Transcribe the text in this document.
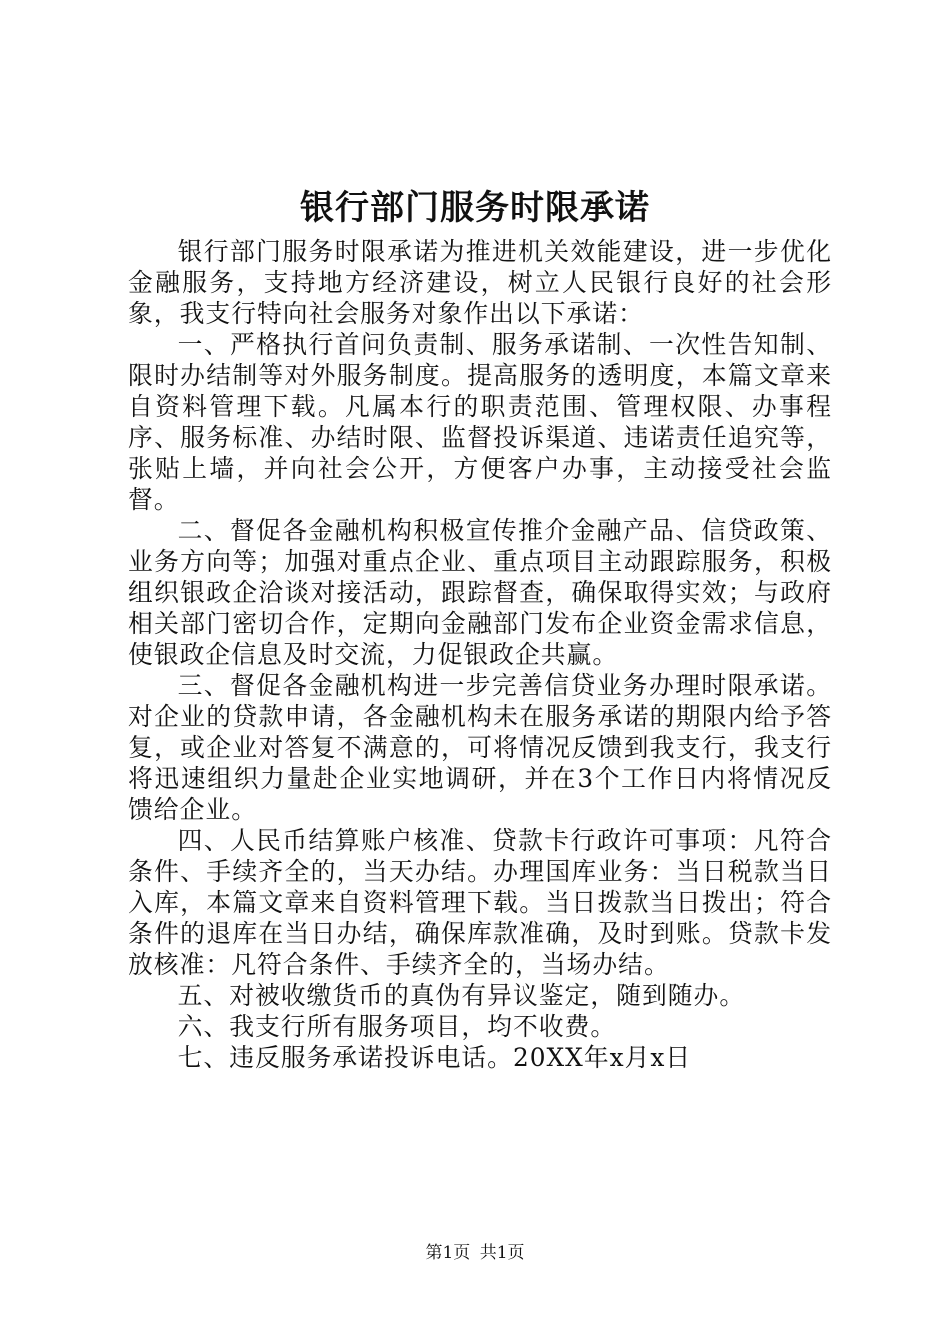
银行部门服务时限承诺

银行部门服务时限承诺为推进机关效能建设，进一步优化金融服务，支持地方经济建设，树立人民银行良好的社会形象，我支行特向社会服务对象作出以下承诺：

一、严格执行首问负责制、服务承诺制、一次性告知制、限时办结制等对外服务制度。提高服务的透明度，本篇文章来自资料管理下载。凡属本行的职责范围、管理权限、办事程序、服务标准、办结时限、监督投诉渠道、违诺责任追究等，张贴上墙，并向社会公开，方便客户办事，主动接受社会监督。

二、督促各金融机构积极宣传推介金融产品、信贷政策、业务方向等；加强对重点企业、重点项目主动跟踪服务，积极组织银政企洽谈对接活动，跟踪督查，确保取得实效；与政府相关部门密切合作，定期向金融部门发布企业资金需求信息，使银政企信息及时交流，力促银政企共赢。

三、督促各金融机构进一步完善信贷业务办理时限承诺。对企业的贷款申请，各金融机构未在服务承诺的期限内给予答复，或企业对答复不满意的，可将情况反馈到我支行，我支行将迅速组织力量赴企业实地调研，并在3个工作日内将情况反馈给企业。

四、人民币结算账户核准、贷款卡行政许可事项：凡符合条件、手续齐全的，当天办结。办理国库业务：当日税款当日入库，本篇文章来自资料管理下载。当日拨款当日拨出；符合条件的退库在当日办结，确保库款准确，及时到账。贷款卡发放核准：凡符合条件、手续齐全的，当场办结。

五、对被收缴货币的真伪有异议鉴定，随到随办。

六、我支行所有服务项目，均不收费。

七、违反服务承诺投诉电话。20XX年x月x日

第1页 共1页
